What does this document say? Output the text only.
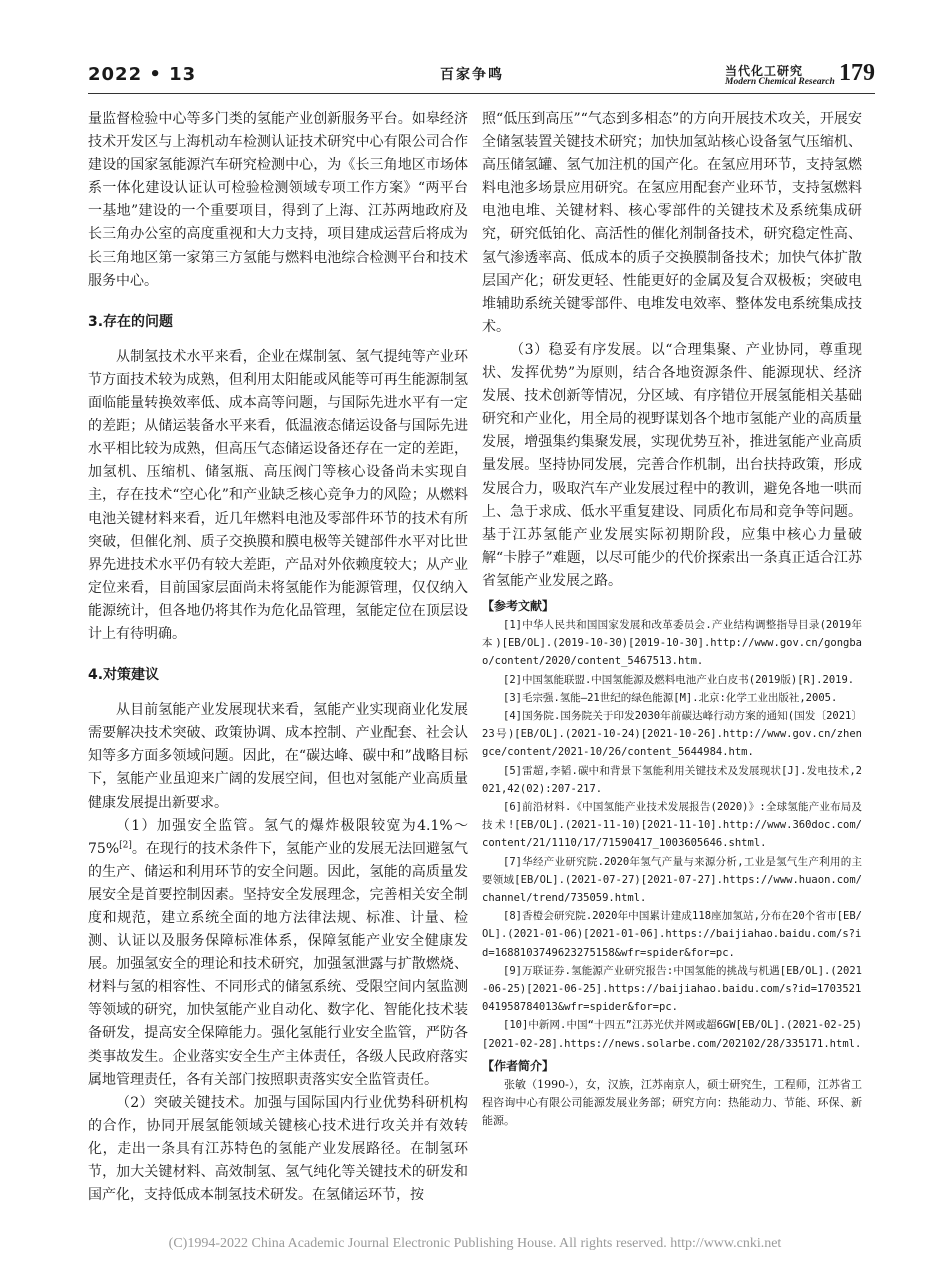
2022 • 13	百家争鸣	当代化工研究
Modern Chemical Research 179

量监督检验中心等多门类的氢能产业创新服务平台。如皋经济技术开发区与上海机动车检测认证技术研究中心有限公司合作建设的国家氢能源汽车研究检测中心，为《长三角地区市场体系一体化建设认证认可检验检测领域专项工作方案》“两平台一基地”建设的一个重要项目，得到了上海、江苏两地政府及长三角办公室的高度重视和大力支持，项目建成运营后将成为长三角地区第一家第三方氢能与燃料电池综合检测平台和技术服务中心。

3.存在的问题

从制氢技术水平来看，企业在煤制氢、氢气提纯等产业环节方面技术较为成熟，但利用太阳能或风能等可再生能源制氢面临能量转换效率低、成本高等问题，与国际先进水平有一定的差距；从储运装备水平来看，低温液态储运设备与国际先进水平相比较为成熟，但高压气态储运设备还存在一定的差距，加氢机、压缩机、储氢瓶、高压阀门等核心设备尚未实现自主，存在技术“空心化”和产业缺乏核心竞争力的风险；从燃料电池关键材料来看，近几年燃料电池及零部件环节的技术有所突破，但催化剂、质子交换膜和膜电极等关键部件水平对比世界先进技术水平仍有较大差距，产品对外依赖度较大；从产业定位来看，目前国家层面尚未将氢能作为能源管理，仅仅纳入能源统计，但各地仍将其作为危化品管理，氢能定位在顶层设计上有待明确。

4.对策建议

从目前氢能产业发展现状来看，氢能产业实现商业化发展需要解决技术突破、政策协调、成本控制、产业配套、社会认知等多方面多领域问题。因此，在“碳达峰、碳中和”战略目标下，氢能产业虽迎来广阔的发展空间，但也对氢能产业高质量健康发展提出新要求。

（1）加强安全监管。氢气的爆炸极限较宽为4.1%～75%[2]。在现行的技术条件下，氢能产业的发展无法回避氢气的生产、储运和利用环节的安全问题。因此，氢能的高质量发展安全是首要控制因素。坚持安全发展理念，完善相关安全制度和规范，建立系统全面的地方法律法规、标准、计量、检测、认证以及服务保障标准体系，保障氢能产业安全健康发展。加强氢安全的理论和技术研究，加强氢泄露与扩散燃烧、材料与氢的相容性、不同形式的储氢系统、受限空间内氢监测等领域的研究，加快氢能产业自动化、数字化、智能化技术装备研发，提高安全保障能力。强化氢能行业安全监管，严防各类事故发生。企业落实安全生产主体责任，各级人民政府落实属地管理责任，各有关部门按照职责落实安全监管责任。

（2）突破关键技术。加强与国际国内行业优势科研机构的合作，协同开展氢能领域关键核心技术进行攻关并有效转化，走出一条具有江苏特色的氢能产业发展路径。在制氢环节，加大关键材料、高效制氢、氢气纯化等关键技术的研发和国产化，支持低成本制氢技术研发。在氢储运环节，按

照“低压到高压”“气态到多相态”的方向开展技术攻关，开展安全储氢装置关键技术研究；加快加氢站核心设备氢气压缩机、高压储氢罐、氢气加注机的国产化。在氢应用环节，支持氢燃料电池多场景应用研究。在氢应用配套产业环节，支持氢燃料电池电堆、关键材料、核心零部件的关键技术及系统集成研究，研究低铂化、高活性的催化剂制备技术，研究稳定性高、氢气渗透率高、低成本的质子交换膜制备技术；加快气体扩散层国产化；研发更轻、性能更好的金属及复合双极板；突破电堆辅助系统关键零部件、电堆发电效率、整体发电系统集成技术。

（3）稳妥有序发展。以“合理集聚、产业协同，尊重现状、发挥优势”为原则，结合各地资源条件、能源现状、经济发展、技术创新等情况，分区域、有序错位开展氢能相关基础研究和产业化，用全局的视野谋划各个地市氢能产业的高质量发展，增强集约集聚发展，实现优势互补，推进氢能产业高质量发展。坚持协同发展，完善合作机制，出台扶持政策，形成发展合力，吸取汽车产业发展过程中的教训，避免各地一哄而上、急于求成、低水平重复建设、同质化布局和竞争等问题。基于江苏氢能产业发展实际初期阶段，应集中核心力量破解“卡脖子”难题，以尽可能少的代价探索出一条真正适合江苏省氢能产业发展之路。

【参考文献】

[1]中华人民共和国国家发展和改革委员会.产业结构调整指导目录(2019年本)[EB/OL].(2019-10-30)[2019-10-30].http://www.gov.cn/gongbao/content/2020/content_5467513.htm.

[2]中国氢能联盟.中国氢能源及燃料电池产业白皮书(2019版)[R].2019.

[3]毛宗强.氢能—21世纪的绿色能源[M].北京:化学工业出版社,2005.

[4]国务院.国务院关于印发2030年前碳达峰行动方案的通知(国发〔2021〕23号)[EB/OL].(2021-10-24)[2021-10-26].http://www.gov.cn/zhengce/content/2021-10/26/content_5644984.htm.

[5]雷超,李韬.碳中和背景下氢能利用关键技术及发展现状[J].发电技术,2021,42(02):207-217.

[6]前沿材料.《中国氢能产业技术发展报告(2020)》:全球氢能产业布局及技术![EB/OL].(2021-11-10)[2021-11-10].http://www.360doc.com/content/21/1110/17/71590417_1003605646.shtml.

[7]华经产业研究院.2020年氢气产量与来源分析,工业是氢气生产利用的主要领域[EB/OL].(2021-07-27)[2021-07-27].https://www.huaon.com/channel/trend/735059.html.

[8]香橙会研究院.2020年中国累计建成118座加氢站,分布在20个省市[EB/OL].(2021-01-06)[2021-01-06].https://baijiahao.baidu.com/s?id=1688103749623275158&wfr=spider&for=pc.

[9]万联证券.氢能源产业研究报告:中国氢能的挑战与机遇[EB/OL].(2021-06-25)[2021-06-25].https://baijiahao.baidu.com/s?id=1703521041958784013&wfr=spider&for=pc.

[10]中新网.中国“十四五”江苏光伏并网或超6GW[EB/OL].(2021-02-25)[2021-02-28].https://news.solarbe.com/202102/28/335171.html.

【作者简介】

张敏（1990-），女，汉族，江苏南京人，硕士研究生，工程师，江苏省工程咨询中心有限公司能源发展业务部；研究方向：热能动力、节能、环保、新能源。

(C)1994-2022 China Academic Journal Electronic Publishing House. All rights reserved. http://www.cnki.net
